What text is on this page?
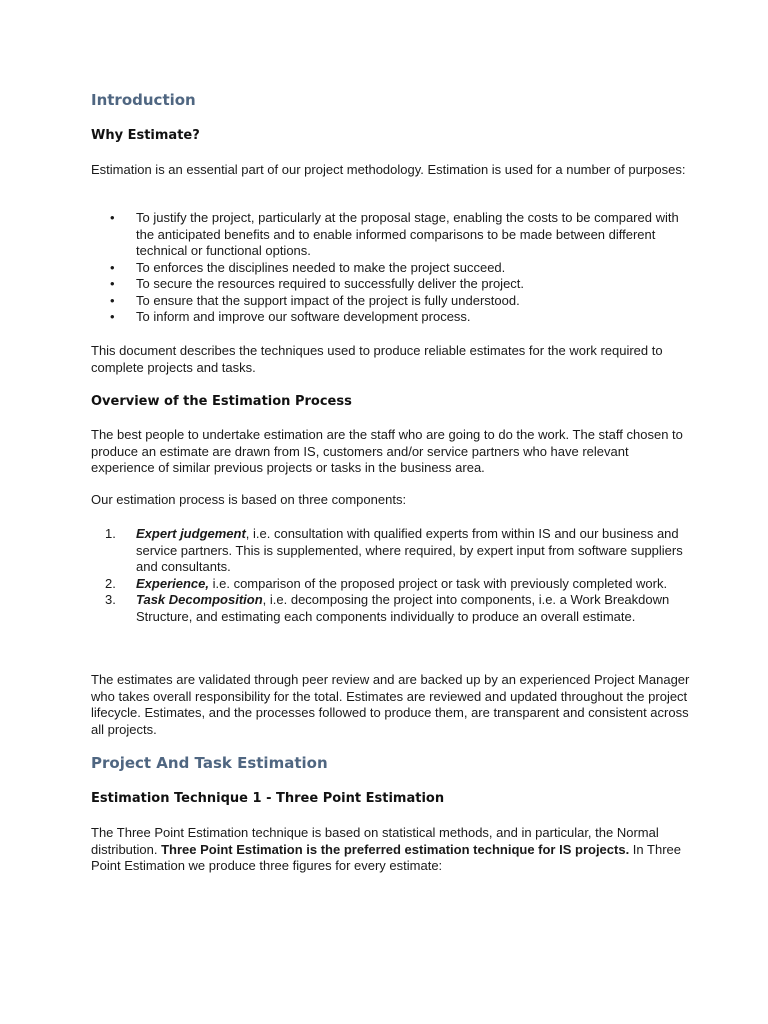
Introduction
Why Estimate?

Estimation is an essential part of our project methodology. Estimation is used for a number of purposes:

• To justify the project, particularly at the proposal stage, enabling the costs to be compared with the anticipated benefits and to enable informed comparisons to be made between different technical or functional options.
• To enforces the disciplines needed to make the project succeed.
• To secure the resources required to successfully deliver the project.
• To ensure that the support impact of the project is fully understood.
• To inform and improve our software development process.

This document describes the techniques used to produce reliable estimates for the work required to complete projects and tasks.

Overview of the Estimation Process

The best people to undertake estimation are the staff who are going to do the work. The staff chosen to produce an estimate are drawn from IS, customers and/or service partners who have relevant experience of similar previous projects or tasks in the business area.

Our estimation process is based on three components:

1. Expert judgement, i.e. consultation with qualified experts from within IS and our business and service partners. This is supplemented, where required, by expert input from software suppliers and consultants.
2. Experience, i.e. comparison of the proposed project or task with previously completed work.
3. Task Decomposition, i.e. decomposing the project into components, i.e. a Work Breakdown Structure, and estimating each components individually to produce an overall estimate.

The estimates are validated through peer review and are backed up by an experienced Project Manager who takes overall responsibility for the total. Estimates are reviewed and updated throughout the project lifecycle. Estimates, and the processes followed to produce them, are transparent and consistent across all projects.

Project And Task Estimation
Estimation Technique 1 - Three Point Estimation

The Three Point Estimation technique is based on statistical methods, and in particular, the Normal distribution. Three Point Estimation is the preferred estimation technique for IS projects. In Three Point Estimation we produce three figures for every estimate:
